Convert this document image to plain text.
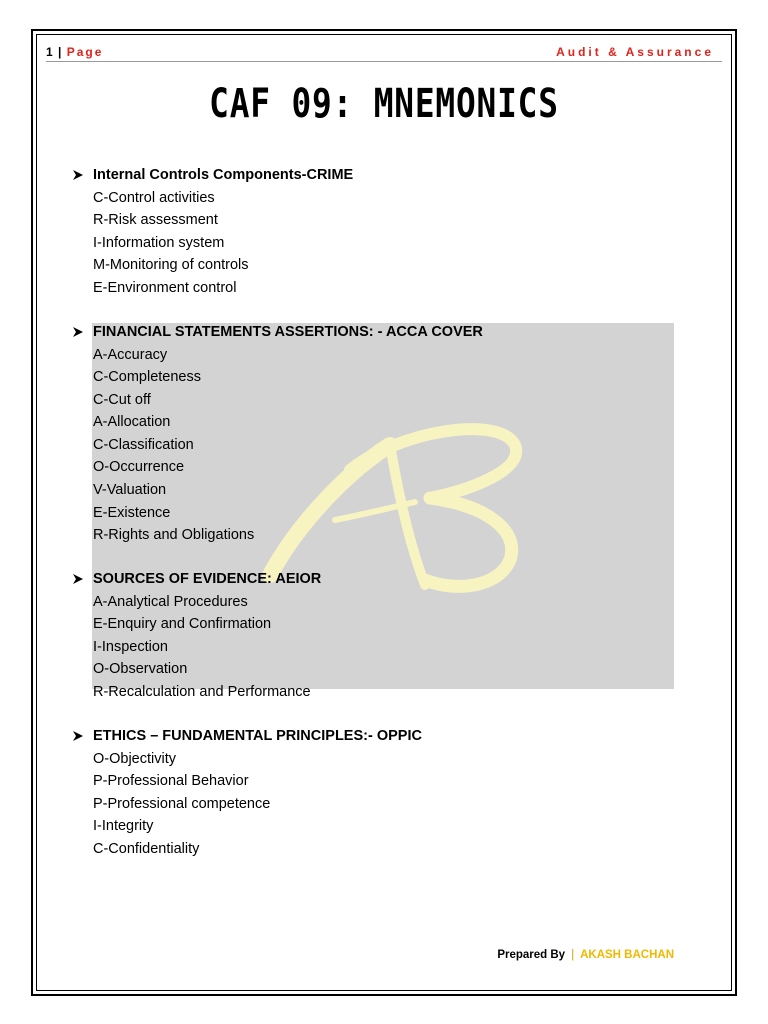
1 | Page	Audit & Assurance
CAF 09: MNEMONICS
Internal Controls Components-CRIME
C-Control activities
R-Risk assessment
I-Information system
M-Monitoring of controls
E-Environment control
FINANCIAL STATEMENTS ASSERTIONS: - ACCA COVER
A-Accuracy
C-Completeness
C-Cut off
A-Allocation
C-Classification
O-Occurrence
V-Valuation
E-Existence
R-Rights and Obligations
SOURCES OF EVIDENCE: AEIOR
A-Analytical Procedures
E-Enquiry and Confirmation
I-Inspection
O-Observation
R-Recalculation and Performance
ETHICS – FUNDAMENTAL PRINCIPLES:- OPPIC
O-Objectivity
P-Professional Behavior
P-Professional competence
I-Integrity
C-Confidentiality
Prepared By | AKASH BACHAN
